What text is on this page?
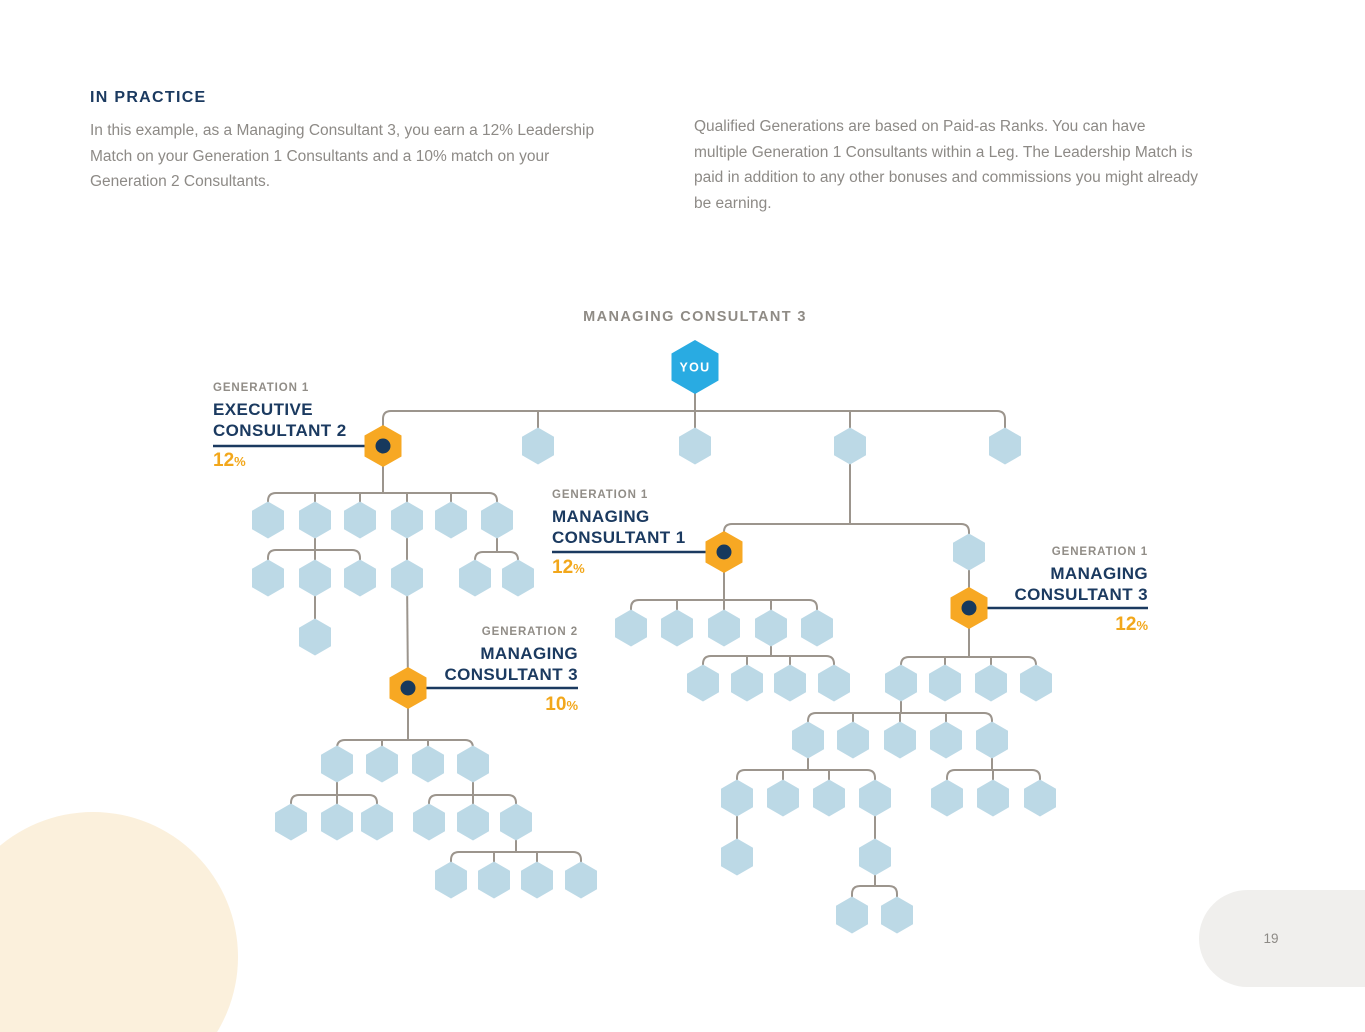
IN PRACTICE
In this example, as a Managing Consultant 3, you earn a 12% Leadership Match on your Generation 1 Consultants and a 10% match on your Generation 2 Consultants.
Qualified Generations are based on Paid-as Ranks. You can have multiple Generation 1 Consultants within a Leg. The Leadership Match is paid in addition to any other bonuses and commissions you might already be earning.
MANAGING CONSULTANT 3
YOU
GENERATION 1
EXECUTIVE
CONSULTANT 2
12%
GENERATION 1
MANAGING
CONSULTANT 1
12%
GENERATION 1
MANAGING
CONSULTANT 3
12%
GENERATION 2
MANAGING
CONSULTANT 3
10%
19
